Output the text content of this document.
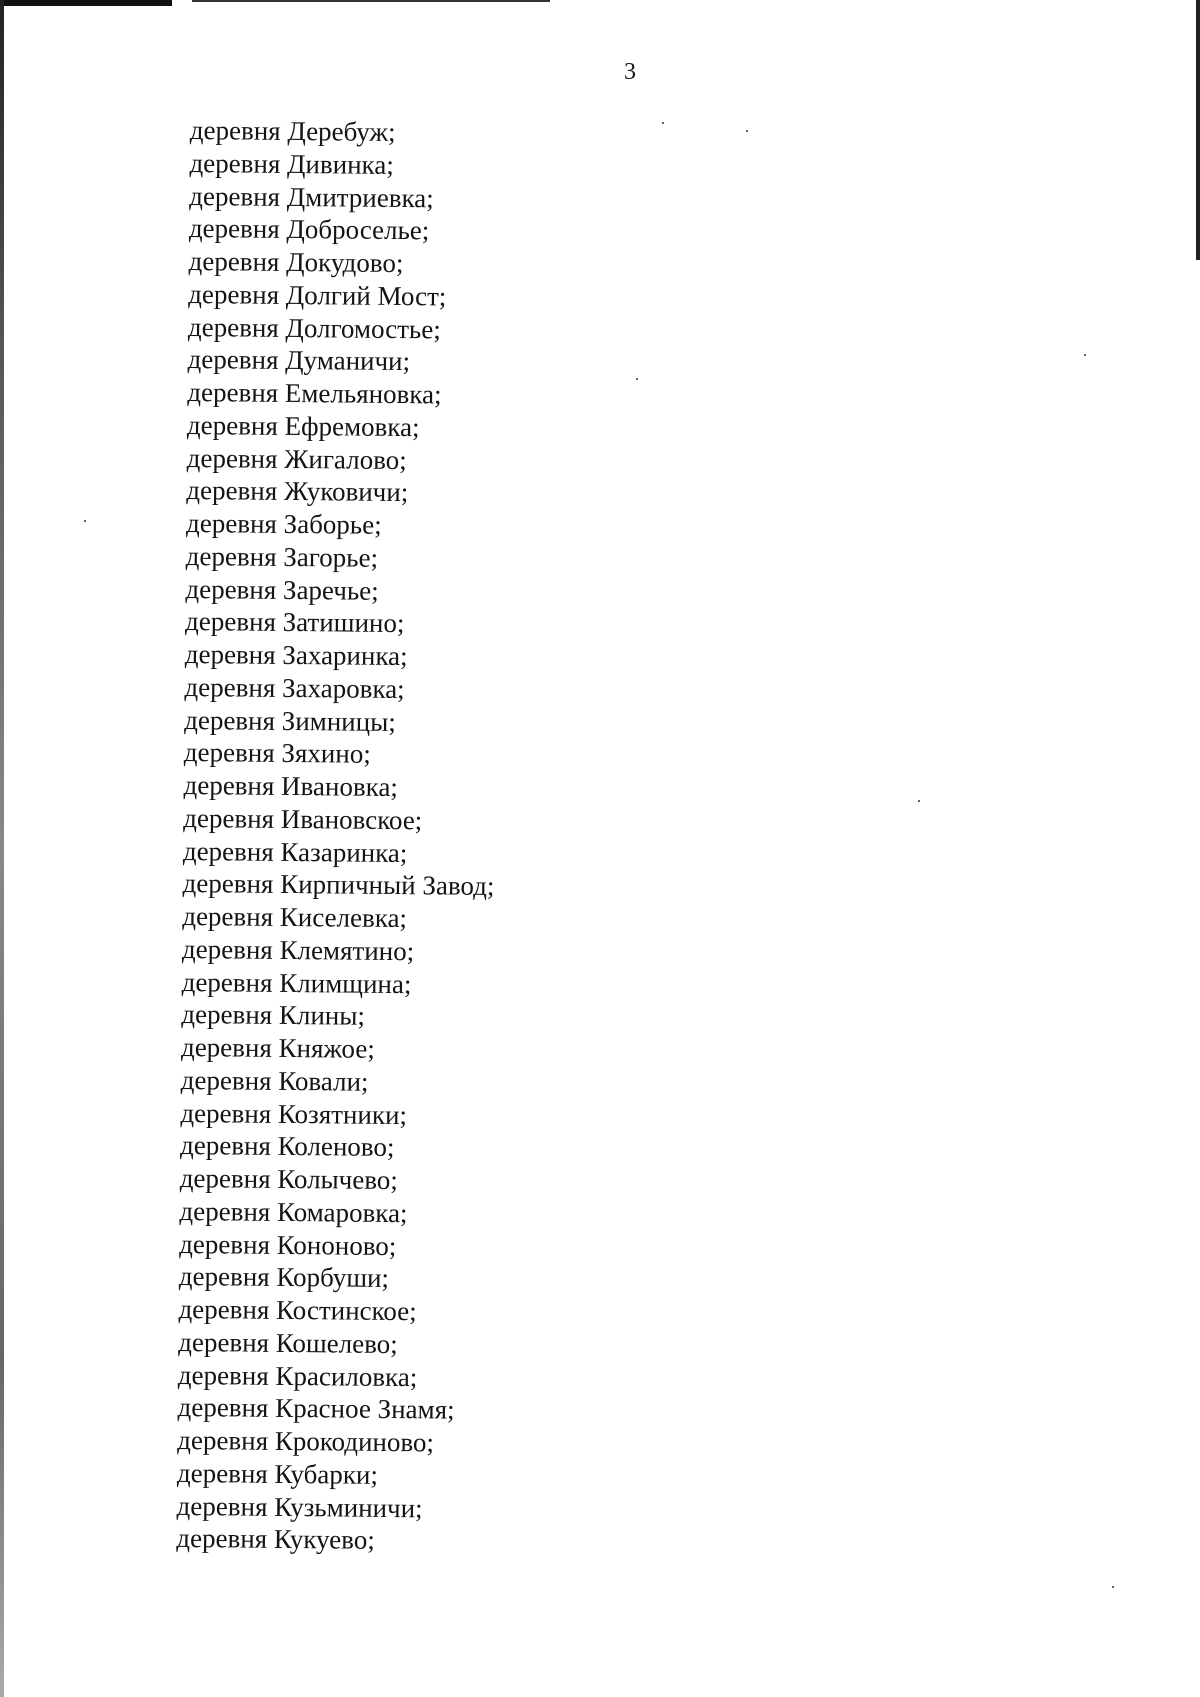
3
деревня Деребуж;
деревня Дивинка;
деревня Дмитриевка;
деревня Доброселье;
деревня Докудово;
деревня Долгий Мост;
деревня Долгомостье;
деревня Думаничи;
деревня Емельяновка;
деревня Ефремовка;
деревня Жигалово;
деревня Жуковичи;
деревня Заборье;
деревня Загорье;
деревня Заречье;
деревня Затишино;
деревня Захаринка;
деревня Захаровка;
деревня Зимницы;
деревня Зяхино;
деревня Ивановка;
деревня Ивановское;
деревня Казаринка;
деревня Кирпичный Завод;
деревня Киселевка;
деревня Клемятино;
деревня Климщина;
деревня Клины;
деревня Княжое;
деревня Ковали;
деревня Козятники;
деревня Коленово;
деревня Колычево;
деревня Комаровка;
деревня Кононово;
деревня Корбуши;
деревня Костинское;
деревня Кошелево;
деревня Красиловка;
деревня Красное Знамя;
деревня Крокодиново;
деревня Кубарки;
деревня Кузьминичи;
деревня Кукуево;
